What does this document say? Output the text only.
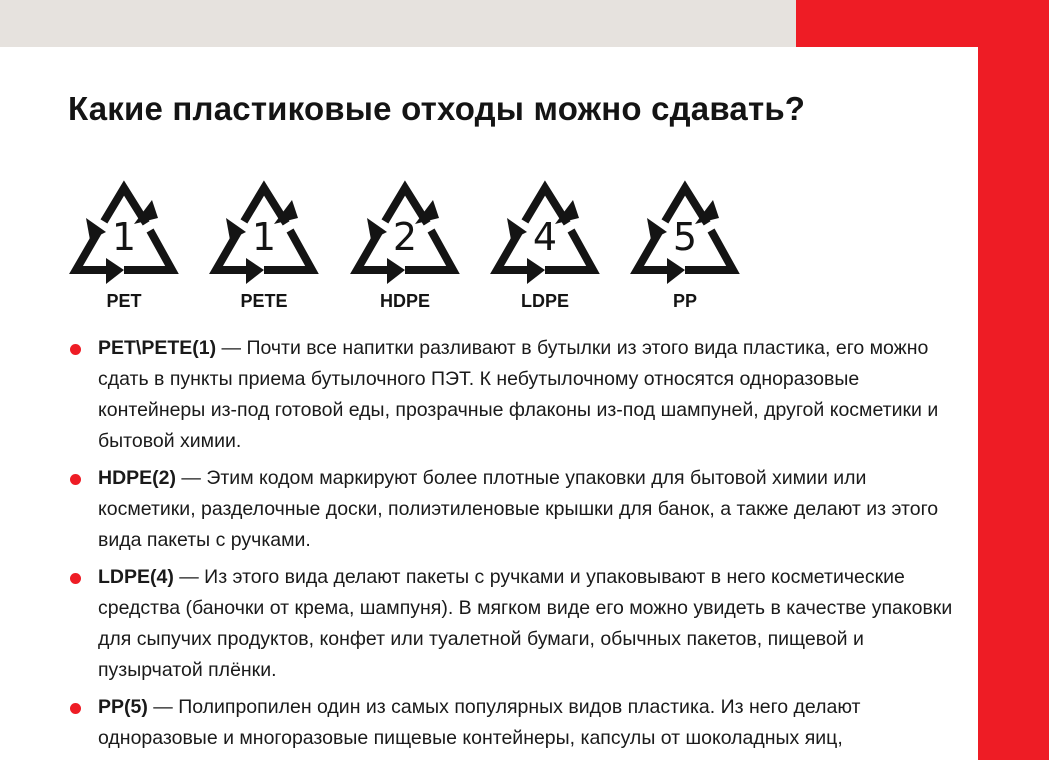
Какие пластиковые отходы можно сдавать?
1
PET
1
PETE
2
HDPE
4
LDPE
5
PP
PET\PETE(1) — Почти все напитки разливают в бутылки из этого вида пластика, его можно сдать в пункты приема бутылочного ПЭТ. К небутылочному относятся одноразовые контейнеры из-под готовой еды, прозрачные флаконы из-под шампуней, другой косметики и бытовой химии.
HDPE(2) — Этим кодом маркируют более плотные упаковки для бытовой химии или косметики, разделочные доски, полиэтиленовые крышки для банок, а также делают из этого вида пакеты с ручками.
LDPE(4) — Из этого вида делают пакеты с ручками и упаковывают в него косметические средства (баночки от крема, шампуня). В мягком виде его можно увидеть в качестве упаковки для сыпучих продуктов, конфет или туалетной бумаги, обычных пакетов, пищевой и пузырчатой плёнки.
PP(5) — Полипропилен один из самых популярных видов пластика. Из него делают одноразовые и многоразовые пищевые контейнеры, капсулы от шоколадных яиц,
